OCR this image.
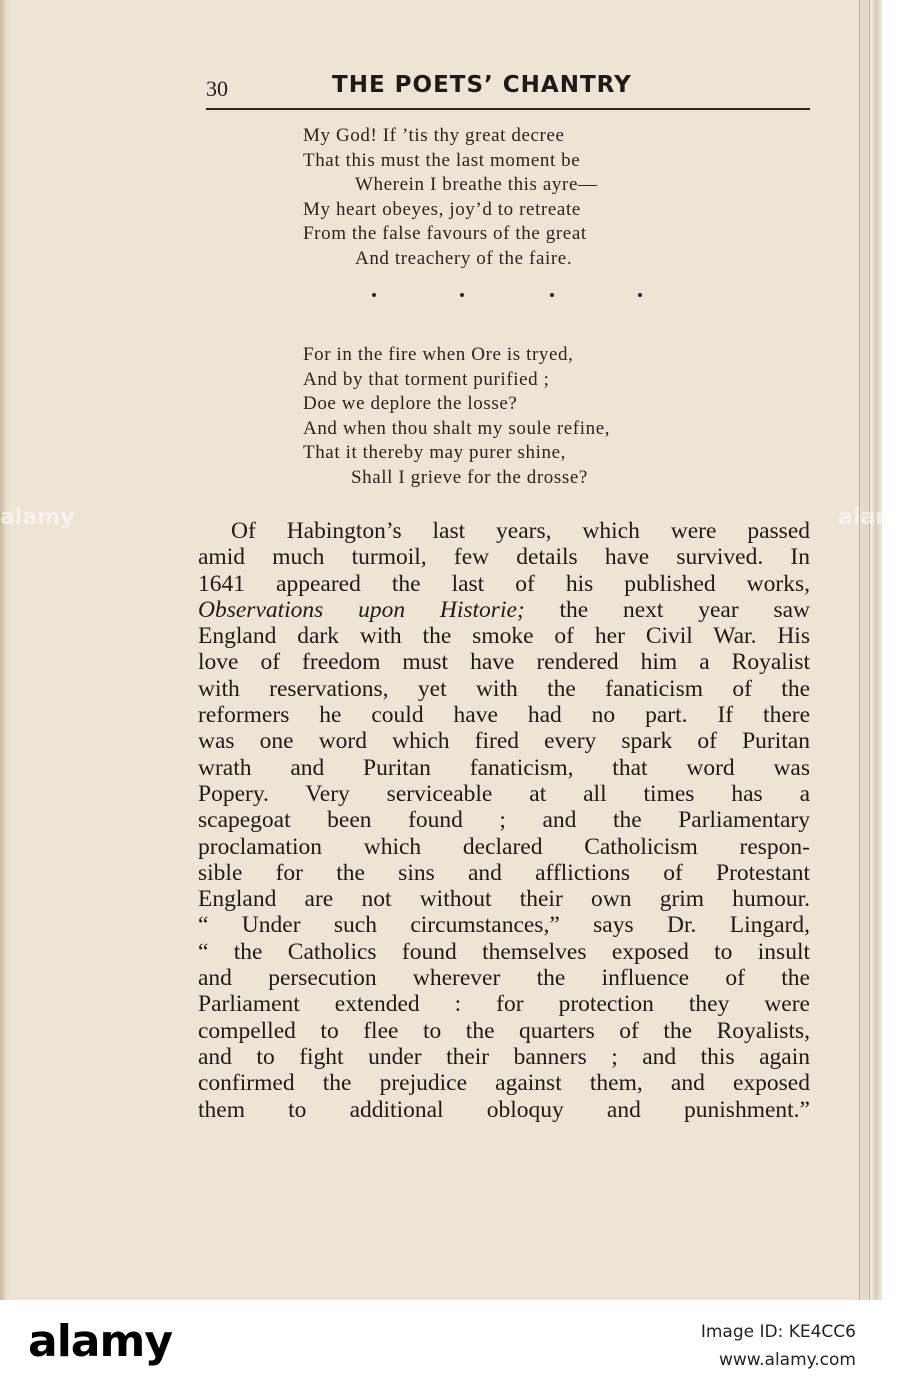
alamy	alamy
30	THE POETS’ CHANTRY
My God! If ’tis thy great decree
That this must the last moment be
Wherein I breathe this ayre—
My heart obeyes, joy’d to retreate
From the false favours of the great
And treachery of the faire.
For in the fire when Ore is tryed,
And by that torment purified ;
Doe we deplore the losse?
And when thou shalt my soule refine,
That it thereby may purer shine,
Shall I grieve for the drosse?
Of Habington’s last years, which were passed
amid much turmoil, few details have survived. In
1641 appeared the last of his published works,
Observations upon Historie; the next year saw
England dark with the smoke of her Civil War. His
love of freedom must have rendered him a Royalist
with reservations, yet with the fanaticism of the
reformers he could have had no part. If there
was one word which fired every spark of Puritan
wrath and Puritan fanaticism, that word was
Popery. Very serviceable at all times has a
scapegoat been found ; and the Parliamentary
proclamation which declared Catholicism respon-
sible for the sins and afflictions of Protestant
England are not without their own grim humour.
“ Under such circumstances,” says Dr. Lingard,
“ the Catholics found themselves exposed to insult
and persecution wherever the influence of the
Parliament extended : for protection they were
compelled to flee to the quarters of the Royalists,
and to fight under their banners ; and this again
confirmed the prejudice against them, and exposed
them to additional obloquy and punishment.”
alamy	Image ID: KE4CC6
www.alamy.com
